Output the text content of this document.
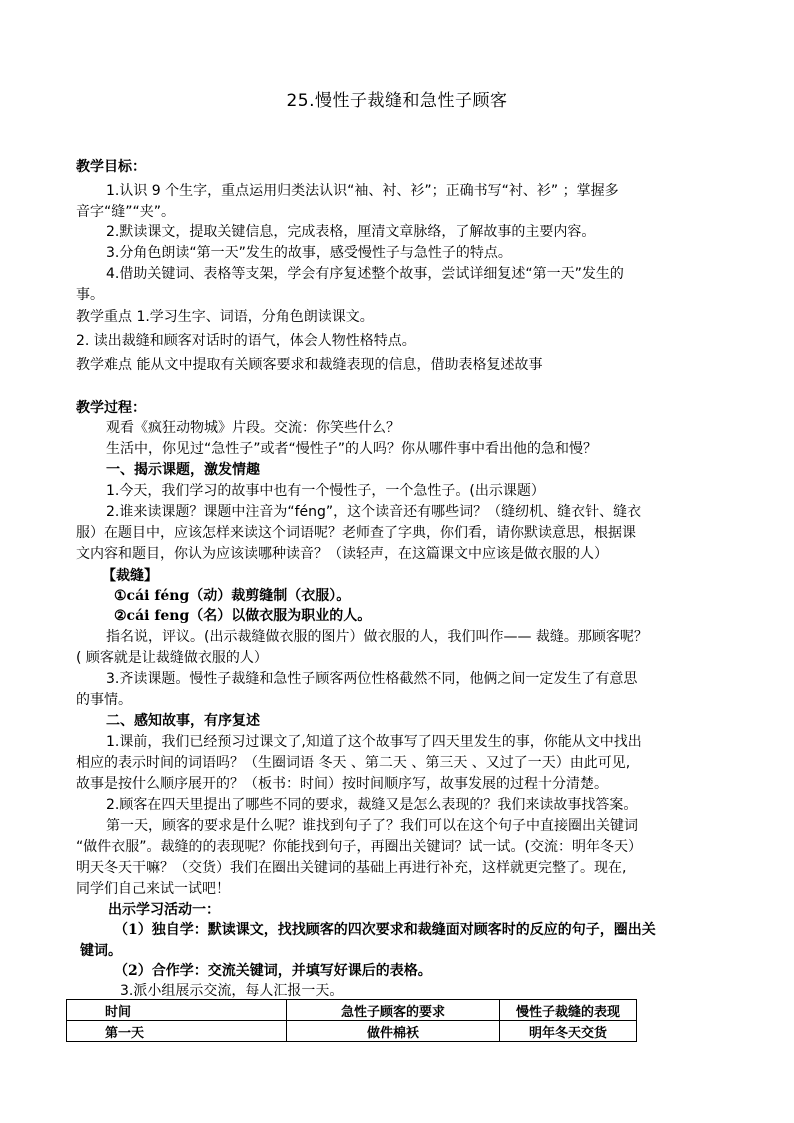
25.慢性子裁缝和急性子顾客
教学目标：
1.认识 9 个生字，重点运用归类法认识“袖、衬、衫”；正确书写“衬、衫” ；掌握多
音字“缝”“夹”。
2.默读课文，提取关键信息，完成表格，厘清文章脉络，了解故事的主要内容。
3.分角色朗读“第一天”发生的故事，感受慢性子与急性子的特点。
4.借助关键词、表格等支架，学会有序复述整个故事，尝试详细复述“第一天”发生的
事。
教学重点 1.学习生字、词语，分角色朗读课文。
2. 读出裁缝和顾客对话时的语气，体会人物性格特点。
教学难点 能从文中提取有关顾客要求和裁缝表现的信息，借助表格复述故事
教学过程：
观看《疯狂动物城》片段。交流：你笑些什么？
生活中，你见过“急性子”或者“慢性子”的人吗？你从哪件事中看出他的急和慢？
一、揭示课题，激发情趣
1.今天，我们学习的故事中也有一个慢性子，一个急性子。(出示课题）
2.谁来读课题？课题中注音为“féng”，这个读音还有哪些词？（缝纫机、缝衣针、缝衣
服）在题目中，应该怎样来读这个词语呢？老师查了字典，你们看，请你默读意思，根据课
文内容和题目，你认为应该读哪种读音？（读轻声，在这篇课文中应该是做衣服的人）
【裁缝】
①cái féng（动）裁剪缝制（衣服）。
②cái feng（名）以做衣服为职业的人。
指名说，评议。(出示裁缝做衣服的图片）做衣服的人，我们叫作—— 裁缝。那顾客呢？
( 顾客就是让裁缝做衣服的人）
3.齐读课题。慢性子裁缝和急性子顾客两位性格截然不同，他俩之间一定发生了有意思
的事情。
二、感知故事，有序复述
1.课前，我们已经预习过课文了,知道了这个故事写了四天里发生的事，你能从文中找出
相应的表示时间的词语吗？（生圈词语 冬天 、第二天 、第三天 、又过了一天）由此可见,
故事是按什么顺序展开的？（板书：时间）按时间顺序写，故事发展的过程十分清楚。
2.顾客在四天里提出了哪些不同的要求，裁缝又是怎么表现的？我们来读故事找答案。
第一天，顾客的要求是什么呢？谁找到句子了？我们可以在这个句子中直接圈出关键词
“做件衣服”。裁缝的的表现呢？你能找到句子，再圈出关键词？试一试。(交流：明年冬天）
明天冬天干嘛？（交货）我们在圈出关键词的基础上再进行补充，这样就更完整了。现在,
同学们自己来试一试吧！
出示学习活动一：
（1）独自学：默读课文，找找顾客的四次要求和裁缝面对顾客时的反应的句子，圈出关
键词。
（2）合作学：交流关键词，并填写好课后的表格。
3.派小组展示交流，每人汇报一天。
时间	急性子顾客的要求	慢性子裁缝的表现
第一天	做件棉袄	明年冬天交货
